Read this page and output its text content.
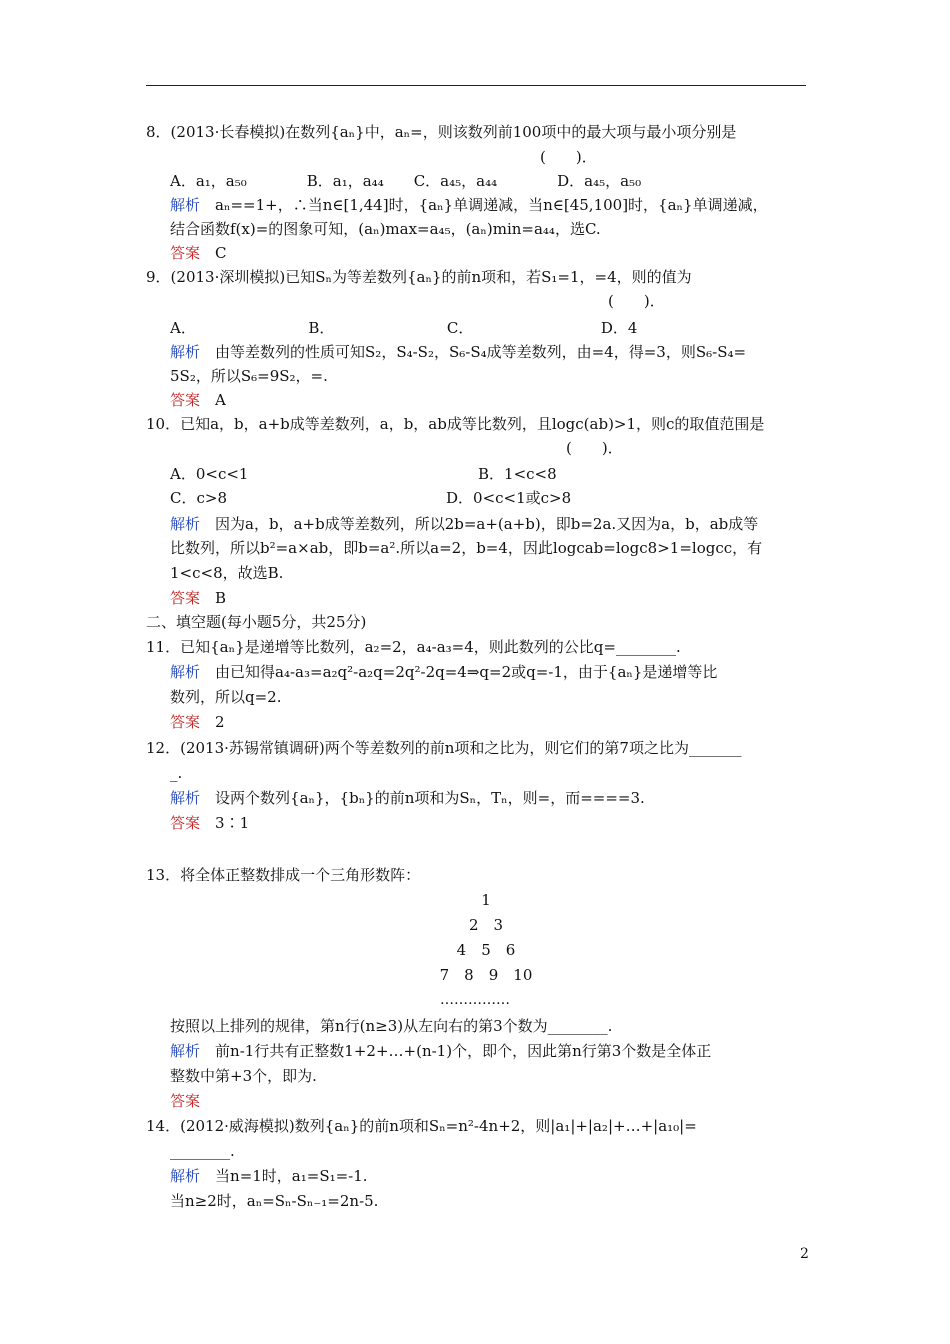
8．(2013·长春模拟)在数列{aₙ}中，aₙ=，则该数列前100项中的最大项与最小项分别是
(　　)．
A．a₁，a₅₀　　　　B．a₁，a₄₄　　C．a₄₅，a₄₄　　　　D．a₄₅，a₅₀
解析　 aₙ==1+，∴当n∈[1,44]时，{aₙ}单调递减，当n∈[45,100]时，{aₙ}单调递减，
结合函数f(x)=的图象可知，(aₙ)max=a₄₅，(aₙ)min=a₄₄，选C.
答案　 C
9．(2013·深圳模拟)已知Sₙ为等差数列{aₙ}的前n项和，若S₁=1，=4，则的值为
(　　)．
A．　　　　　　　　B．　　　　　　　　C．　　　　　　　　　D．4
解析　 由等差数列的性质可知S₂，S₄-S₂，S₆-S₄成等差数列，由=4，得=3，则S₆-S₄=
5S₂，所以S₆=9S₂，=.
答案　 A
10．已知a，b，a+b成等差数列，a，b，ab成等比数列，且logc(ab)>1，则c的取值范围是
(　　)．
A．0<c<1	B．1<c<8
C．c>8	D．0<c<1或c>8
解析　 因为a，b，a+b成等差数列，所以2b=a+(a+b)，即b=2a.又因为a，b，ab成等
比数列，所以b²=a×ab，即b=a².所以a=2，b=4，因此logcab=logc8>1=logcc，有
1<c<8，故选B.
答案　 B
二、填空题(每小题5分，共25分)
11．已知{aₙ}是递增等比数列，a₂=2，a₄-a₃=4，则此数列的公比q=________.
解析　 由已知得a₄-a₃=a₂q²-a₂q=2q²-2q=4⇒q=2或q=-1，由于{aₙ}是递增等比
数列，所以q=2.
答案　 2
12．(2013·苏锡常镇调研)两个等差数列的前n项和之比为，则它们的第7项之比为_______
_.
解析　 设两个数列{aₙ}，{bₙ}的前n项和为Sₙ，Tₙ，则=，而====3.
答案　 3∶1
13．将全体正整数排成一个三角形数阵：
1
2　3
4　5　6
7　8　9　10
……………
按照以上排列的规律，第n行(n≥3)从左向右的第3个数为________.
解析　 前n-1行共有正整数1+2+…+(n-1)个，即个，因此第n行第3个数是全体正
整数中第+3个，即为.
答案
14．(2012·威海模拟)数列{aₙ}的前n项和Sₙ=n²-4n+2，则|a₁|+|a₂|+…+|a₁₀|=
________.
解析　 当n=1时，a₁=S₁=-1.
当n≥2时，aₙ=Sₙ-Sₙ₋₁=2n-5.
2
